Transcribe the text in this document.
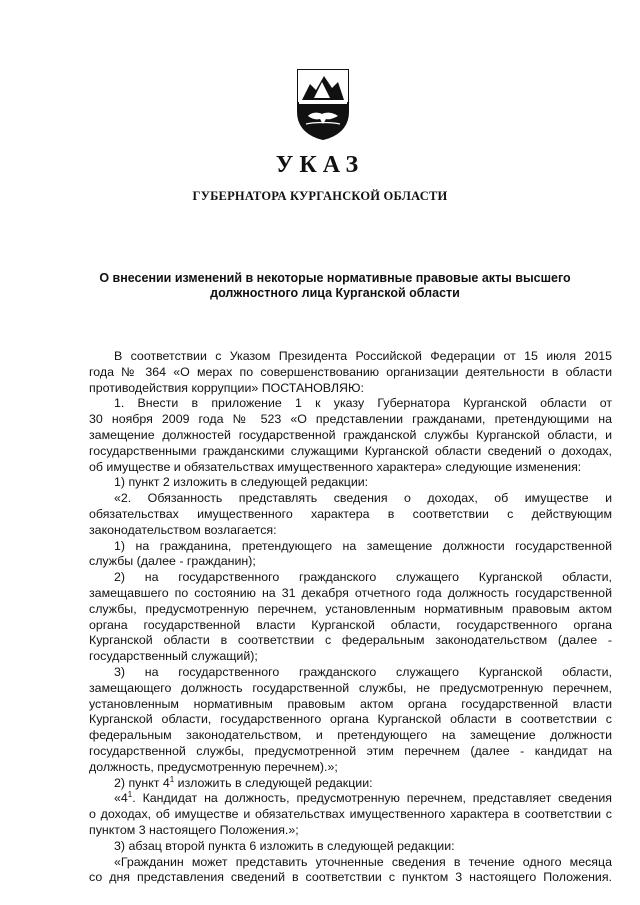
УКАЗ
ГУБЕРНАТОРА КУРГАНСКОЙ ОБЛАСТИ
О внесении изменений в некоторые нормативные правовые акты высшего
должностного лица Курганской области
В соответствии с Указом Президента Российской Федерации от 15 июля 2015
года № 364 «О мерах по совершенствованию организации деятельности в области
противодействия коррупции» ПОСТАНОВЛЯЮ:
1. Внести в приложение 1 к указу Губернатора Курганской области от
30 ноября 2009 года № 523 «О представлении гражданами, претендующими на
замещение должностей государственной гражданской службы Курганской области, и
государственными гражданскими служащими Курганской области сведений о доходах,
об имуществе и обязательствах имущественного характера» следующие изменения:
1) пункт 2 изложить в следующей редакции:
«2. Обязанность представлять сведения о доходах, об имуществе и
обязательствах имущественного характера в соответствии с действующим
законодательством возлагается:
1) на гражданина, претендующего на замещение должности государственной
службы (далее - гражданин);
2) на государственного гражданского служащего Курганской области,
замещавшего по состоянию на 31 декабря отчетного года должность государственной
службы, предусмотренную перечнем, установленным нормативным правовым актом
органа государственной власти Курганской области, государственного органа
Курганской области в соответствии с федеральным законодательством (далее -
государственный служащий);
3) на государственного гражданского служащего Курганской области,
замещающего должность государственной службы, не предусмотренную перечнем,
установленным нормативным правовым актом органа государственной власти
Курганской области, государственного органа Курганской области в соответствии с
федеральным законодательством, и претендующего на замещение должности
государственной службы, предусмотренной этим перечнем (далее - кандидат на
должность, предусмотренную перечнем).»;
2) пункт $4^1$ изложить в следующей редакции:
«$4^1$. Кандидат на должность, предусмотренную перечнем, представляет сведения
о доходах, об имуществе и обязательствах имущественного характера в соответствии с
пунктом 3 настоящего Положения.»;
3) абзац второй пункта 6 изложить в следующей редакции:
«Гражданин может представить уточненные сведения в течение одного месяца
со дня представления сведений в соответствии с пунктом 3 настоящего Положения.
